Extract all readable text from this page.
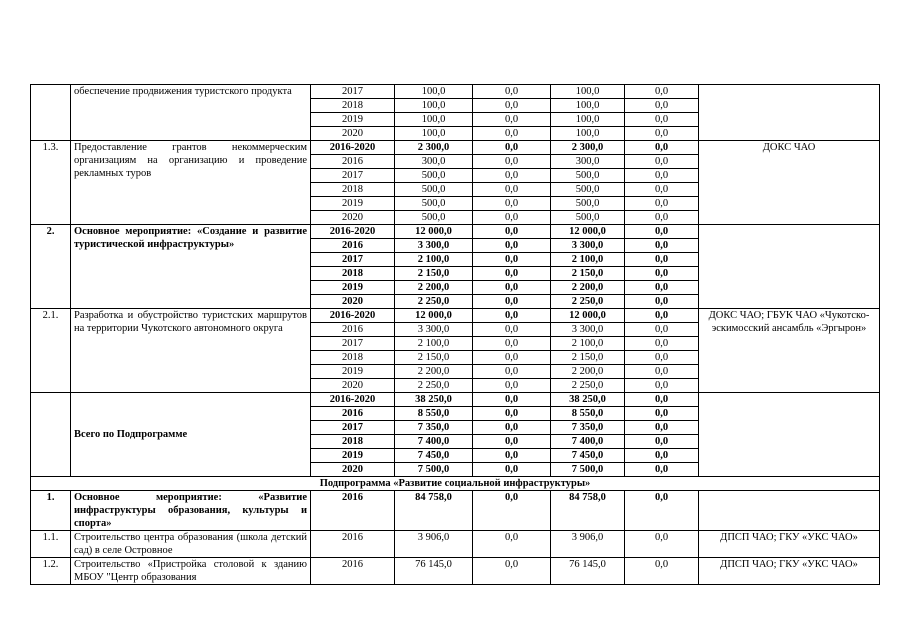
	обеспечение продвижения туристского продукта	2017	100,0	0,0	100,0	0,0	
		2018	100,0	0,0	100,0	0,0	
		2019	100,0	0,0	100,0	0,0	
		2020	100,0	0,0	100,0	0,0	
1.3.	Предоставление грантов некоммерческим организациям на организацию и проведение рекламных туров	2016-2020	2 300,0	0,0	2 300,0	0,0	ДОКС ЧАО
		2016	300,0	0,0	300,0	0,0	
		2017	500,0	0,0	500,0	0,0	
		2018	500,0	0,0	500,0	0,0	
		2019	500,0	0,0	500,0	0,0	
		2020	500,0	0,0	500,0	0,0	
2.	Основное мероприятие: «Создание и развитие туристической инфраструктуры»	2016-2020	12 000,0	0,0	12 000,0	0,0	
		2016	3 300,0	0,0	3 300,0	0,0	
		2017	2 100,0	0,0	2 100,0	0,0	
		2018	2 150,0	0,0	2 150,0	0,0	
		2019	2 200,0	0,0	2 200,0	0,0	
		2020	2 250,0	0,0	2 250,0	0,0	
2.1.	Разработка и обустройство туристских маршрутов на территории Чукотского автономного округа	2016-2020	12 000,0	0,0	12 000,0	0,0	ДОКС ЧАО; ГБУК ЧАО «Чукотско-эскимосский ансамбль «Эргырон»
		2016	3 300,0	0,0	3 300,0	0,0	
		2017	2 100,0	0,0	2 100,0	0,0	
		2018	2 150,0	0,0	2 150,0	0,0	
		2019	2 200,0	0,0	2 200,0	0,0	
		2020	2 250,0	0,0	2 250,0	0,0	
	Всего по Подпрограмме	2016-2020	38 250,0	0,0	38 250,0	0,0	
		2016	8 550,0	0,0	8 550,0	0,0	
		2017	7 350,0	0,0	7 350,0	0,0	
		2018	7 400,0	0,0	7 400,0	0,0	
		2019	7 450,0	0,0	7 450,0	0,0	
		2020	7 500,0	0,0	7 500,0	0,0	
Подпрограмма «Развитие социальной инфраструктуры»							
1.	Основное мероприятие: «Развитие инфраструктуры образования, культуры и спорта»	2016	84 758,0	0,0	84 758,0	0,0	
1.1.	Строительство центра образования (школа детский сад) в селе Островное	2016	3 906,0	0,0	3 906,0	0,0	ДПСП ЧАО; ГКУ «УКС ЧАО»
1.2.	Строительство «Пристройка столовой к зданию МБОУ "Центр образования	2016	76 145,0	0,0	76 145,0	0,0	ДПСП ЧАО; ГКУ «УКС ЧАО»
